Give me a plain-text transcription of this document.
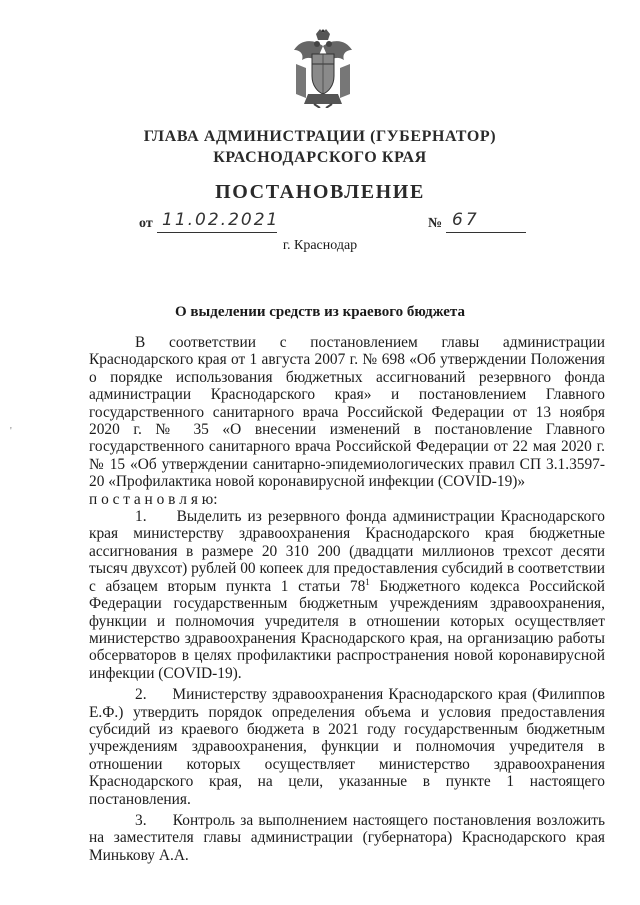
ГЛАВА АДМИНИСТРАЦИИ (ГУБЕРНАТОР)
КРАСНОДАРСКОГО КРАЯ
ПОСТАНОВЛЕНИЕ
от 11.02.2021	№ 67
г. Краснодар
О выделении средств из краевого бюджета
'

В соответствии с постановлением главы администрации Краснодарского края от 1 августа 2007 г. № 698 «Об утверждении Положения о порядке использования бюджетных ассигнований резервного фонда администрации Краснодарского края» и постановлением Главного государственного санитарного врача Российской Федерации от 13 ноября 2020 г. № 35 «О внесении изменений в постановление Главного государственного санитарного врача Российской Федерации от 22 мая 2020 г. № 15 «Об утверждении санитарно-эпидемиологических правил СП 3.1.3597-20 «Профилактика новой коронавирусной инфекции (COVID-19)»

п о с т а н о в л я ю:

1.     Выделить из резервного фонда администрации Краснодарского края министерству здравоохранения Краснодарского края бюджетные ассигнования в размере 20 310 200 (двадцати миллионов трехсот десяти тысяч двухсот) рублей 00 копеек для предоставления субсидий в соответствии с абзацем вторым пункта 1 статьи $78^1$ Бюджетного кодекса Российской Федерации государственным бюджетным учреждениям здравоохранения, функции и полномочия учредителя в отношении которых осуществляет министерство здравоохранения Краснодарского края, на организацию работы обсерваторов в целях профилактики распространения новой коронавирусной инфекции (COVID-19).

2.     Министерству здравоохранения Краснодарского края (Филиппов Е.Ф.) утвердить порядок определения объема и условия предоставления субсидий из краевого бюджета в 2021 году государственным бюджетным учреждениям здравоохранения, функции и полномочия учредителя в отношении которых осуществляет министерство здравоохранения Краснодарского края, на цели, указанные в пункте 1 настоящего постановления.

3.     Контроль за выполнением настоящего постановления возложить на заместителя главы администрации (губернатора) Краснодарского края Минькову А.А.
